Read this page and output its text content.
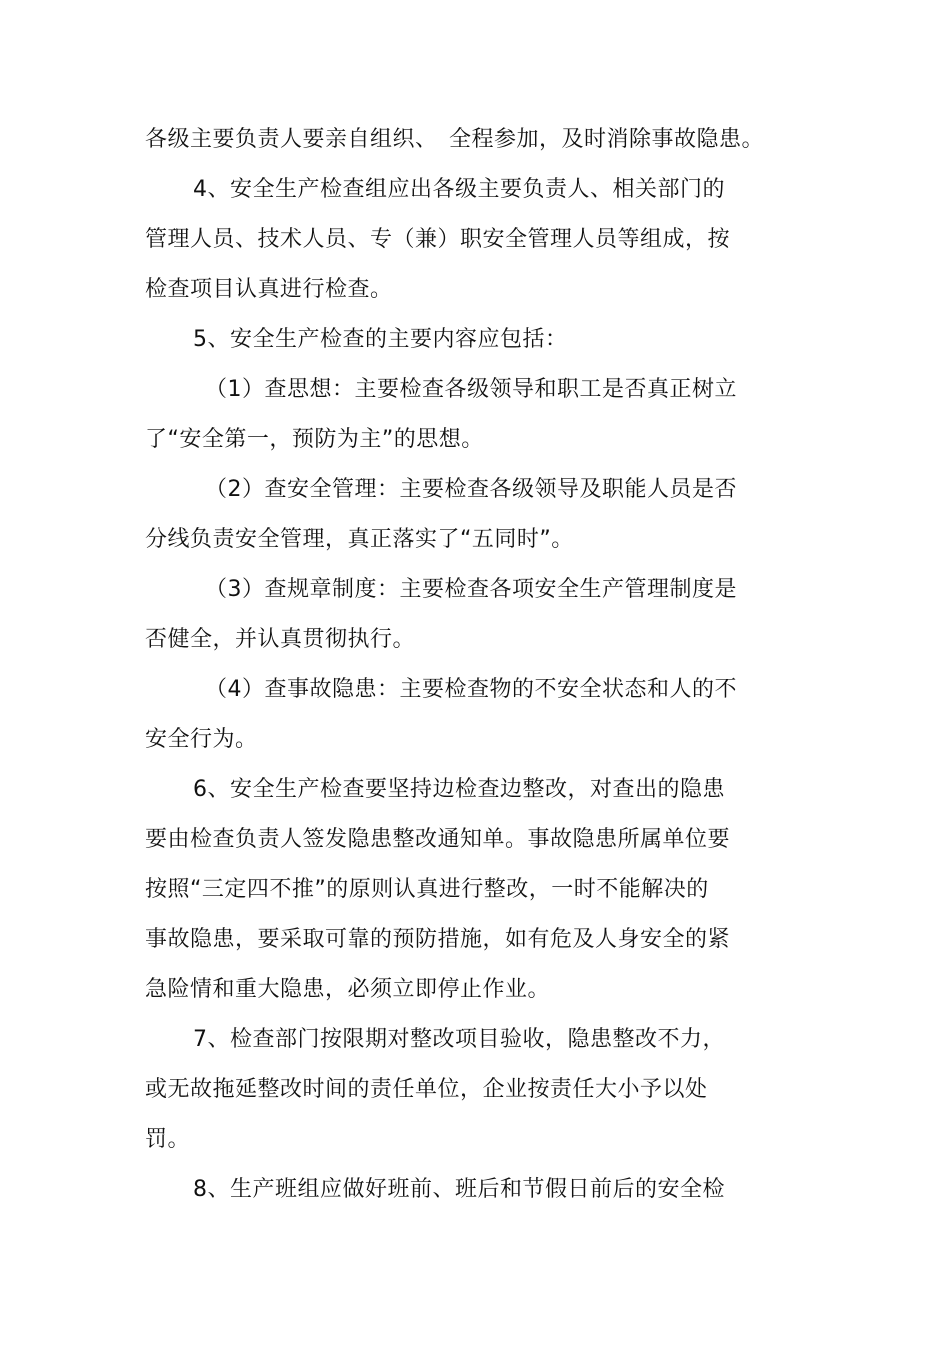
各级主要负责人要亲自组织、　全程参加，及时消除事故隐患。
4、安全生产检查组应出各级主要负责人、相关部门的
管理人员、技术人员、专（兼）职安全管理人员等组成，按
检查项目认真进行检查。
5、安全生产检查的主要内容应包括：
（1）查思想：主要检查各级领导和职工是否真正树立
了“安全第一，预防为主”的思想。
（2）查安全管理：主要检查各级领导及职能人员是否
分线负责安全管理，真正落实了“五同时”。
（3）查规章制度：主要检查各项安全生产管理制度是
否健全，并认真贯彻执行。
（4）查事故隐患：主要检查物的不安全状态和人的不
安全行为。
6、安全生产检查要坚持边检查边整改，对查出的隐患
要由检查负责人签发隐患整改通知单。事故隐患所属单位要
按照“三定四不推”的原则认真进行整改，一时不能解决的
事故隐患，要采取可靠的预防措施，如有危及人身安全的紧
急险情和重大隐患，必须立即停止作业。
7、检查部门按限期对整改项目验收，隐患整改不力，
或无故拖延整改时间的责任单位，企业按责任大小予以处
罚。
8、生产班组应做好班前、班后和节假日前后的安全检
